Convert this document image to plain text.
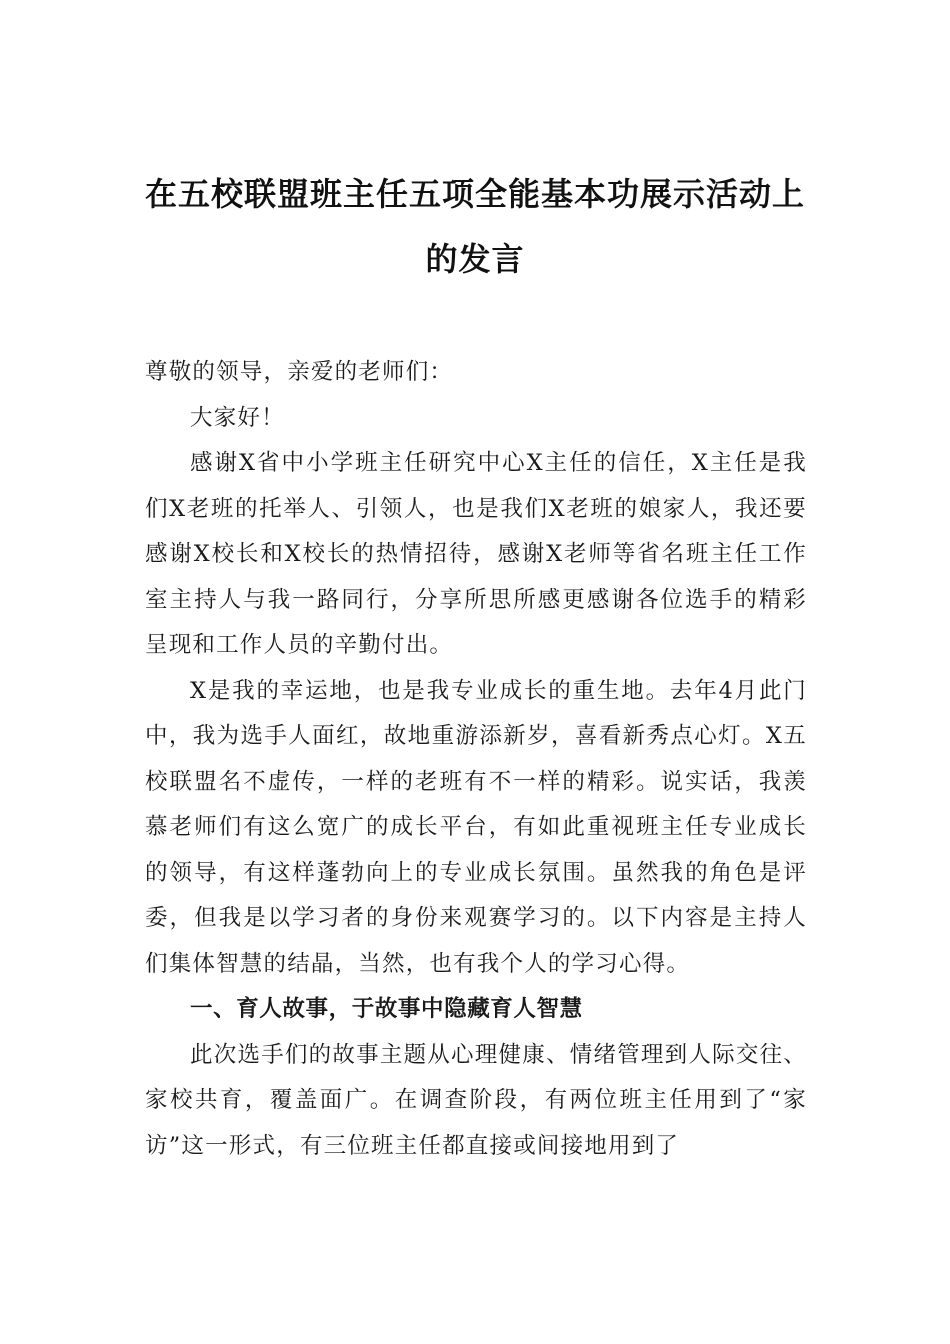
在五校联盟班主任五项全能基本功展示活动上的发言

尊敬的领导，亲爱的老师们：

大家好！

感谢X省中小学班主任研究中心X主任的信任，X主任是我们X老班的托举人、引领人，也是我们X老班的娘家人，我还要感谢X校长和X校长的热情招待，感谢X老师等省名班主任工作室主持人与我一路同行，分享所思所感更感谢各位选手的精彩呈现和工作人员的辛勤付出。

X是我的幸运地，也是我专业成长的重生地。去年4月此门中，我为选手人面红，故地重游添新岁，喜看新秀点心灯。X五校联盟名不虚传，一样的老班有不一样的精彩。说实话，我羡慕老师们有这么宽广的成长平台，有如此重视班主任专业成长的领导，有这样蓬勃向上的专业成长氛围。虽然我的角色是评委，但我是以学习者的身份来观赛学习的。以下内容是主持人们集体智慧的结晶，当然，也有我个人的学习心得。

一、育人故事，于故事中隐藏育人智慧

此次选手们的故事主题从心理健康、情绪管理到人际交往、家校共育，覆盖面广。在调查阶段，有两位班主任用到了“家访”这一形式，有三位班主任都直接或间接地用到了
